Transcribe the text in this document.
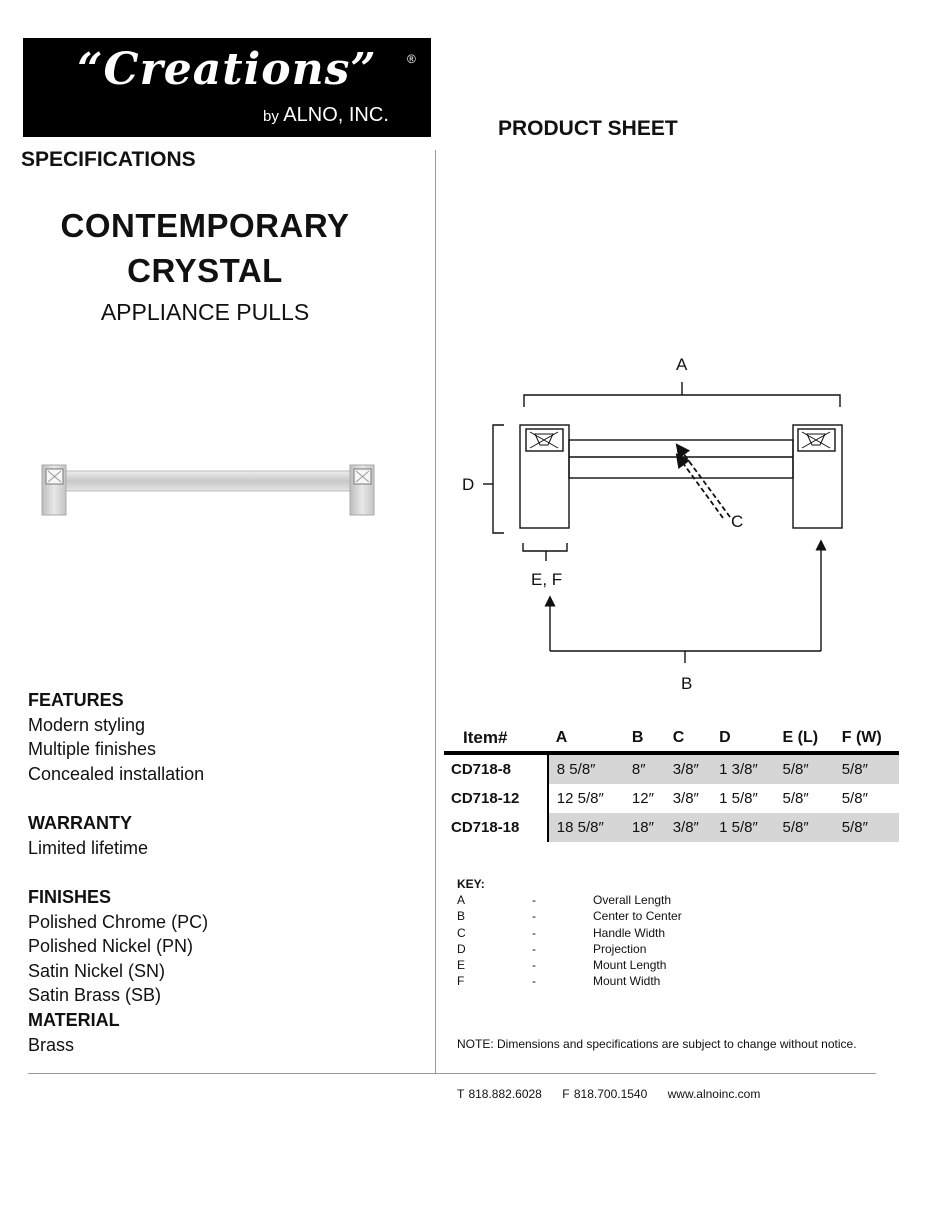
“Creations”	®
by ALNO, INC.
PRODUCT SHEET
SPECIFICATIONS
CONTEMPORARY
CRYSTAL
APPLIANCE PULLS
FEATURES
Modern styling
Multiple finishes
Concealed installation
WARRANTY
Limited lifetime
FINISHES
Polished Chrome (PC)
Polished Nickel (PN)
Satin Nickel (SN)
Satin Brass (SB)
MATERIAL
Brass
A
D
C
E, F
B
Item#	A	B	C	D	E (L)	F (W)
CD718-8	8 5/8″	8″	3/8″	1 3/8″	5/8″	5/8″
CD718-12	12 5/8″	12″	3/8″	1 5/8″	5/8″	5/8″
CD718-18	18 5/8″	18″	3/8″	1 5/8″	5/8″	5/8″
KEY:
A	-	Overall Length
B	-	Center to Center
C	-	Handle Width
D	-	Projection
E	-	Mount Length
F	-	Mount Width
NOTE: Dimensions and specifications are subject to change without notice.
T 818.882.6028 F 818.700.1540 www.alnoinc.com
